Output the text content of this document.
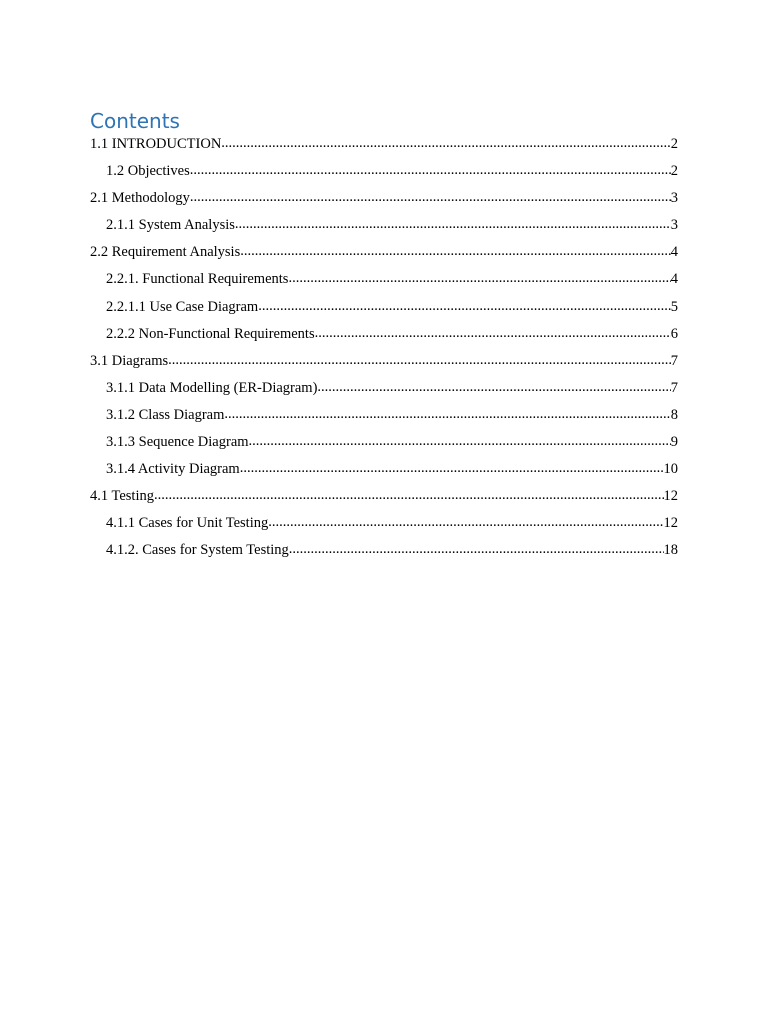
Contents
1.1 INTRODUCTION .....	2
1.2 Objectives .....	2
2.1 Methodology .....	3
2.1.1 System Analysis .....	3
2.2 Requirement Analysis .....	4
2.2.1. Functional Requirements .....	4
2.2.1.1 Use Case Diagram .....	5
2.2.2 Non-Functional Requirements .....	6
3.1 Diagrams .....	7
3.1.1 Data Modelling (ER-Diagram) .....	7
3.1.2 Class Diagram .....	8
3.1.3 Sequence Diagram .....	9
3.1.4 Activity Diagram .....	10
4.1 Testing .....	12
4.1.1 Cases for Unit Testing .....	12
4.1.2. Cases for System Testing .....	18
